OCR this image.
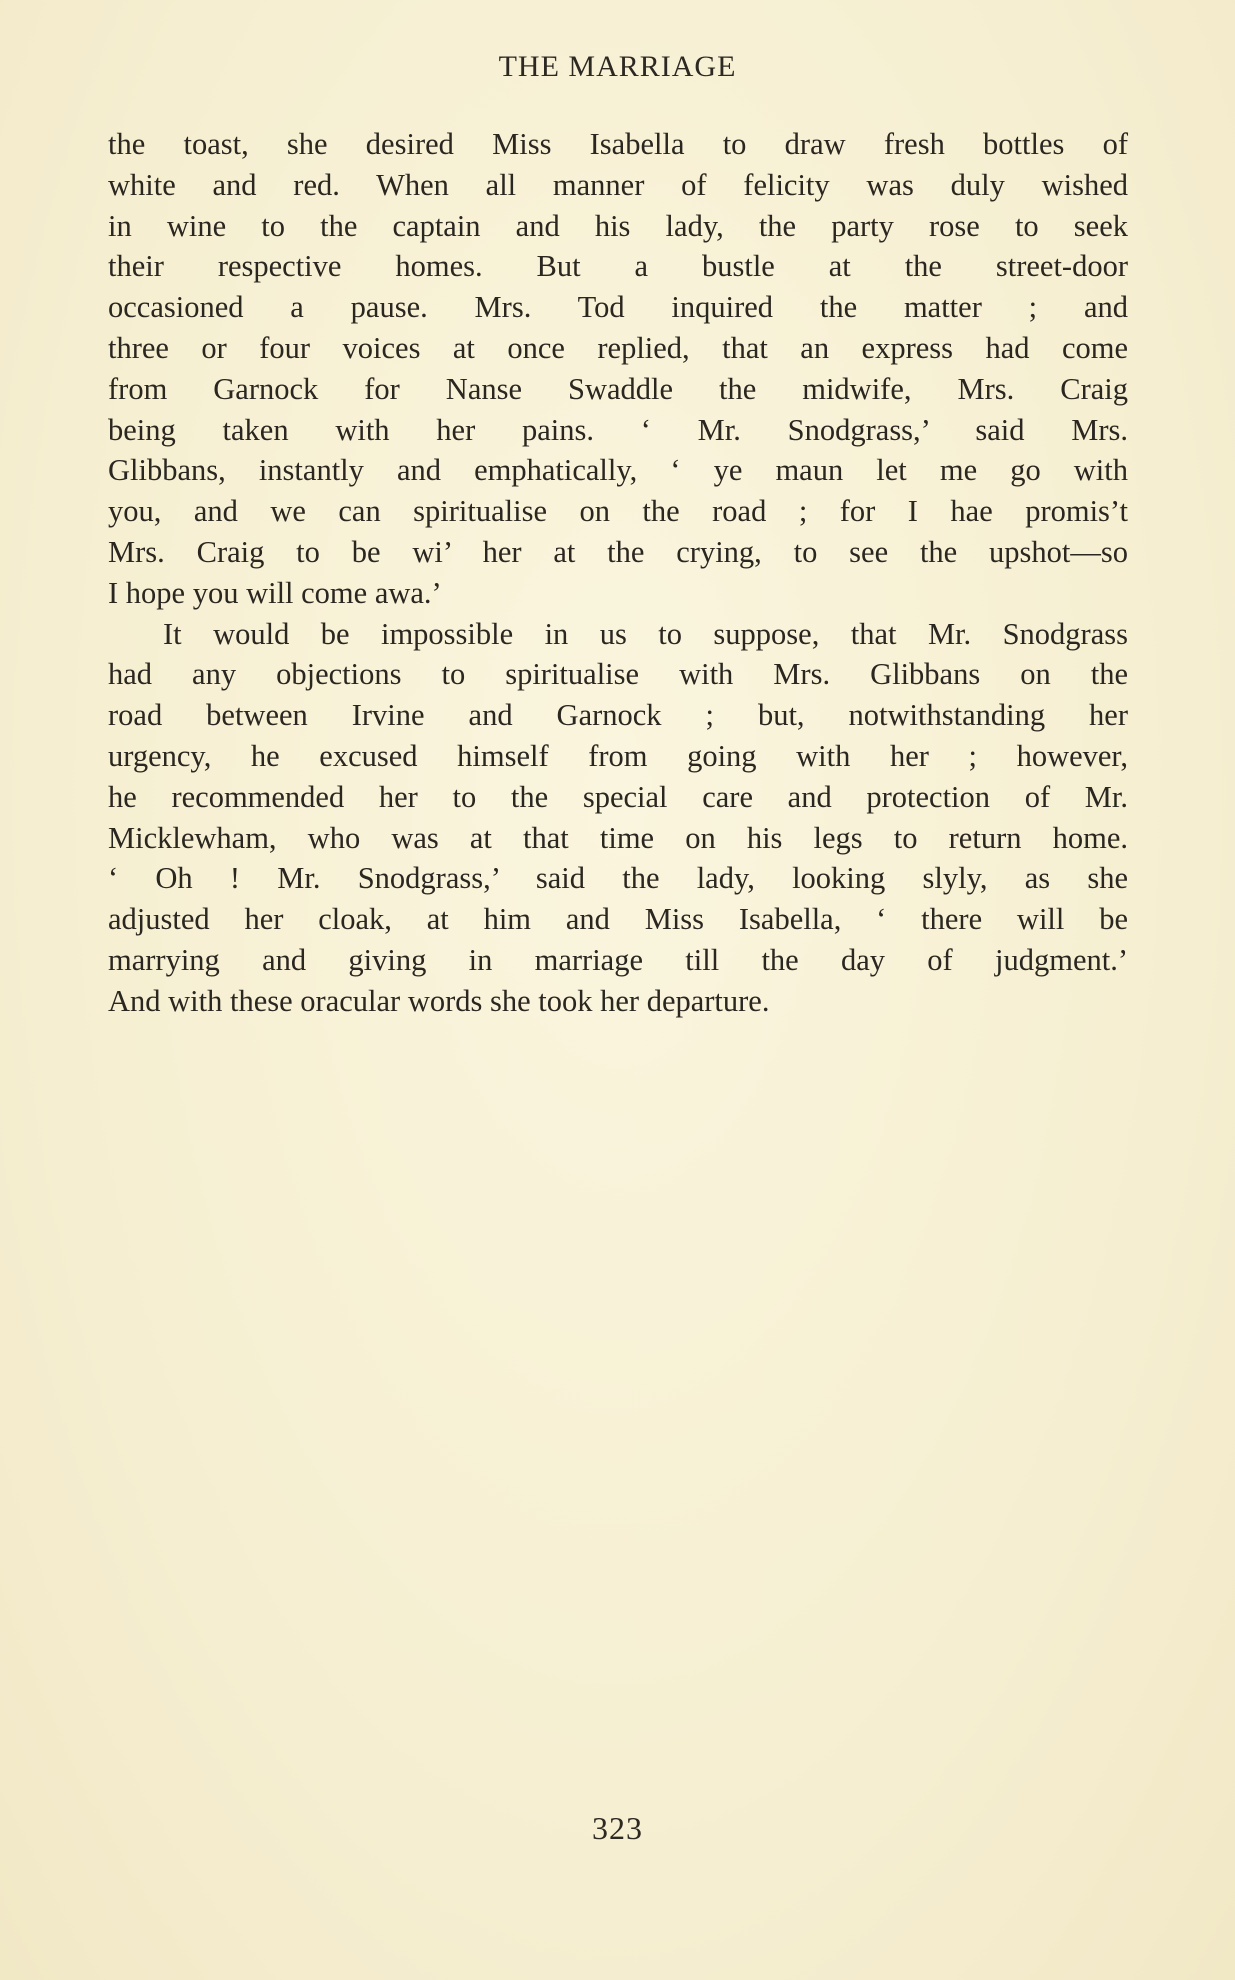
THE MARRIAGE
the toast, she desired Miss Isabella to draw fresh bottles of
white and red. When all manner of felicity was duly wished
in wine to the captain and his lady, the party rose to seek
their respective homes. But a bustle at the street-door
occasioned a pause. Mrs. Tod inquired the matter ; and
three or four voices at once replied, that an express had come
from Garnock for Nanse Swaddle the midwife, Mrs. Craig
being taken with her pains. ‘ Mr. Snodgrass,’ said Mrs.
Glibbans, instantly and emphatically, ‘ ye maun let me go with
you, and we can spiritualise on the road ; for I hae promis’t
Mrs. Craig to be wi’ her at the crying, to see the upshot—so
I hope you will come awa.’
It would be impossible in us to suppose, that Mr. Snodgrass
had any objections to spiritualise with Mrs. Glibbans on the
road between Irvine and Garnock ; but, notwithstanding her
urgency, he excused himself from going with her ; however,
he recommended her to the special care and protection of Mr.
Micklewham, who was at that time on his legs to return home.
‘ Oh ! Mr. Snodgrass,’ said the lady, looking slyly, as she
adjusted her cloak, at him and Miss Isabella, ‘ there will be
marrying and giving in marriage till the day of judgment.’
And with these oracular words she took her departure.
323
